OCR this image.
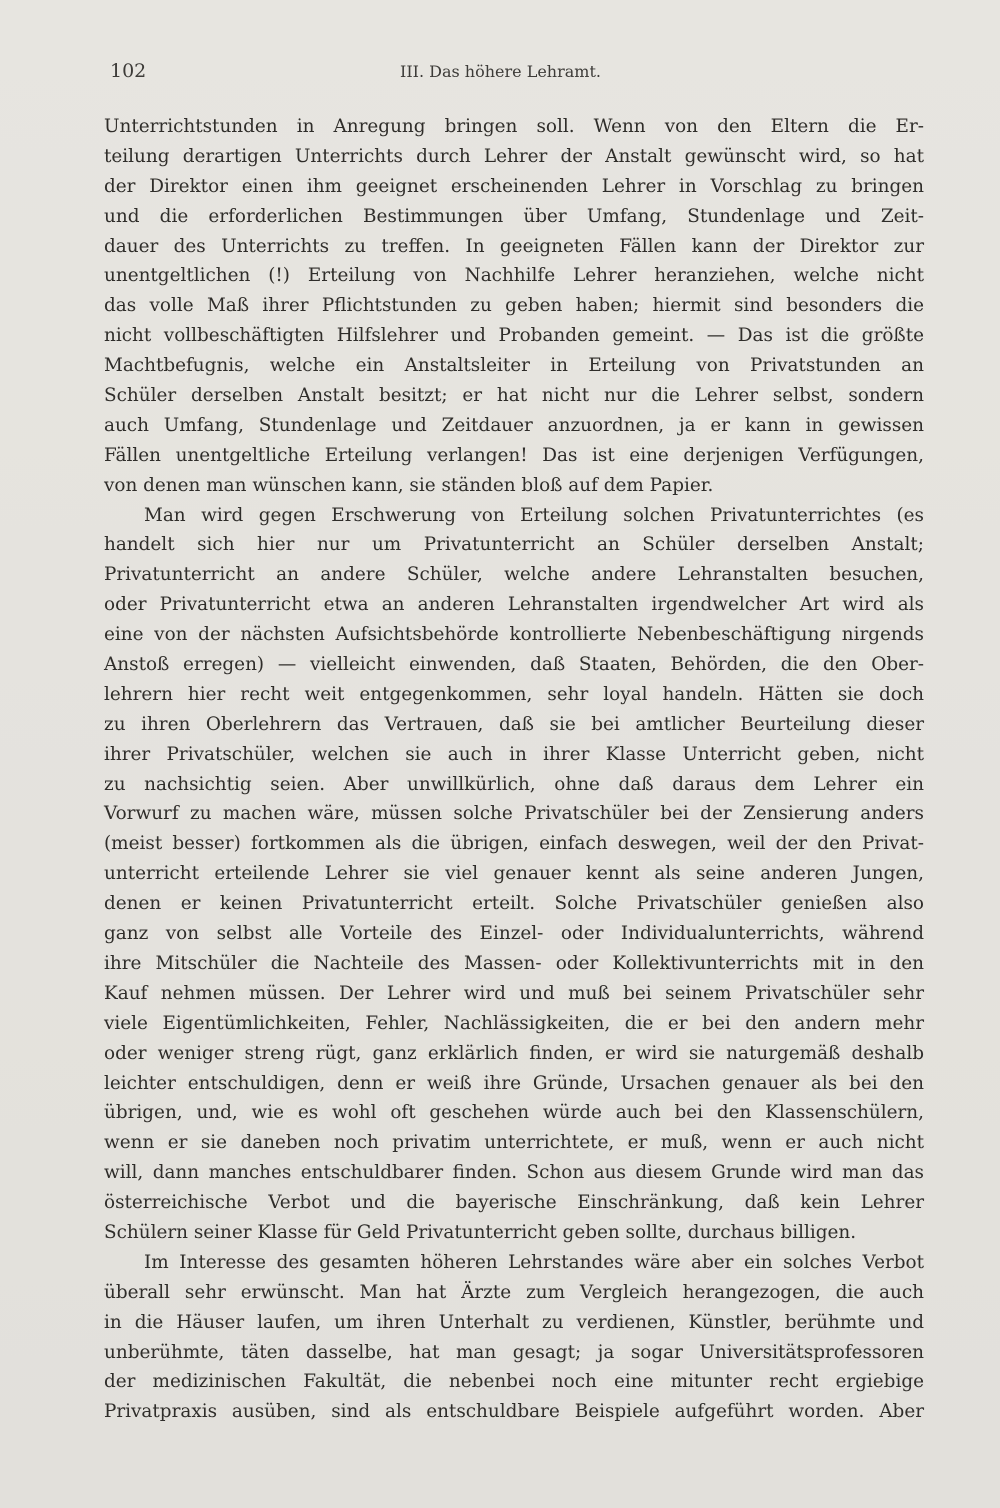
102	III. Das höhere Lehramt.
Unterrichtstunden in Anregung bringen soll. Wenn von den Eltern die Er-
teilung derartigen Unterrichts durch Lehrer der Anstalt gewünscht wird, so hat
der Direktor einen ihm geeignet erscheinenden Lehrer in Vorschlag zu bringen
und die erforderlichen Bestimmungen über Umfang, Stundenlage und Zeit-
dauer des Unterrichts zu treffen. In geeigneten Fällen kann der Direktor zur
unentgeltlichen (!) Erteilung von Nachhilfe Lehrer heranziehen, welche nicht
das volle Maß ihrer Pflichtstunden zu geben haben; hiermit sind besonders die
nicht vollbeschäftigten Hilfslehrer und Probanden gemeint. — Das ist die größte
Machtbefugnis, welche ein Anstaltsleiter in Erteilung von Privatstunden an
Schüler derselben Anstalt besitzt; er hat nicht nur die Lehrer selbst, sondern
auch Umfang, Stundenlage und Zeitdauer anzuordnen, ja er kann in gewissen
Fällen unentgeltliche Erteilung verlangen! Das ist eine derjenigen Verfügungen,
von denen man wünschen kann, sie ständen bloß auf dem Papier.
Man wird gegen Erschwerung von Erteilung solchen Privatunterrichtes (es
handelt sich hier nur um Privatunterricht an Schüler derselben Anstalt;
Privatunterricht an andere Schüler, welche andere Lehranstalten besuchen,
oder Privatunterricht etwa an anderen Lehranstalten irgendwelcher Art wird als
eine von der nächsten Aufsichtsbehörde kontrollierte Nebenbeschäftigung nirgends
Anstoß erregen) — vielleicht einwenden, daß Staaten, Behörden, die den Ober-
lehrern hier recht weit entgegenkommen, sehr loyal handeln. Hätten sie doch
zu ihren Oberlehrern das Vertrauen, daß sie bei amtlicher Beurteilung dieser
ihrer Privatschüler, welchen sie auch in ihrer Klasse Unterricht geben, nicht
zu nachsichtig seien. Aber unwillkürlich, ohne daß daraus dem Lehrer ein
Vorwurf zu machen wäre, müssen solche Privatschüler bei der Zensierung anders
(meist besser) fortkommen als die übrigen, einfach deswegen, weil der den Privat-
unterricht erteilende Lehrer sie viel genauer kennt als seine anderen Jungen,
denen er keinen Privatunterricht erteilt. Solche Privatschüler genießen also
ganz von selbst alle Vorteile des Einzel- oder Individualunterrichts, während
ihre Mitschüler die Nachteile des Massen- oder Kollektivunterrichts mit in den
Kauf nehmen müssen. Der Lehrer wird und muß bei seinem Privatschüler sehr
viele Eigentümlichkeiten, Fehler, Nachlässigkeiten, die er bei den andern mehr
oder weniger streng rügt, ganz erklärlich finden, er wird sie naturgemäß deshalb
leichter entschuldigen, denn er weiß ihre Gründe, Ursachen genauer als bei den
übrigen, und, wie es wohl oft geschehen würde auch bei den Klassenschülern,
wenn er sie daneben noch privatim unterrichtete, er muß, wenn er auch nicht
will, dann manches entschuldbarer finden. Schon aus diesem Grunde wird man das
österreichische Verbot und die bayerische Einschränkung, daß kein Lehrer
Schülern seiner Klasse für Geld Privatunterricht geben sollte, durchaus billigen.
Im Interesse des gesamten höheren Lehrstandes wäre aber ein solches Verbot
überall sehr erwünscht. Man hat Ärzte zum Vergleich herangezogen, die auch
in die Häuser laufen, um ihren Unterhalt zu verdienen, Künstler, berühmte und
unberühmte, täten dasselbe, hat man gesagt; ja sogar Universitätsprofessoren
der medizinischen Fakultät, die nebenbei noch eine mitunter recht ergiebige
Privatpraxis ausüben, sind als entschuldbare Beispiele aufgeführt worden. Aber
